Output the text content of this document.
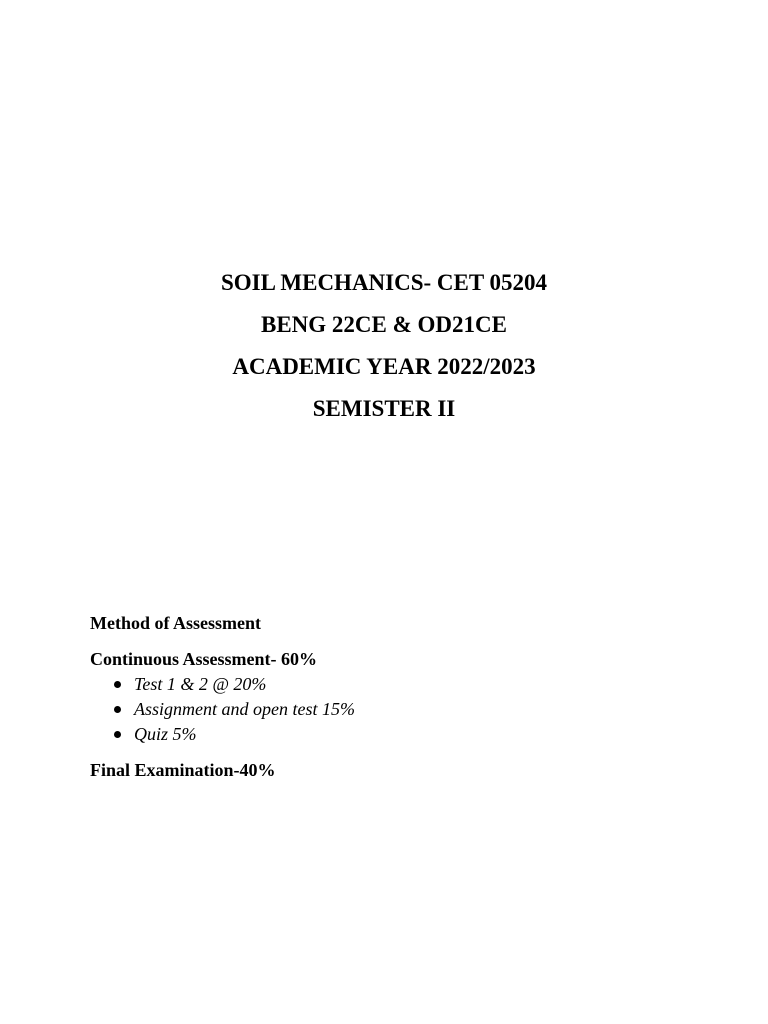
SOIL MECHANICS- CET 05204
BENG 22CE & OD21CE
ACADEMIC YEAR 2022/2023
SEMISTER II

Method of Assessment

Continuous Assessment- 60%

Test 1 & 2 @ 20%
Assignment and open test 15%
Quiz 5%

Final Examination-40%
